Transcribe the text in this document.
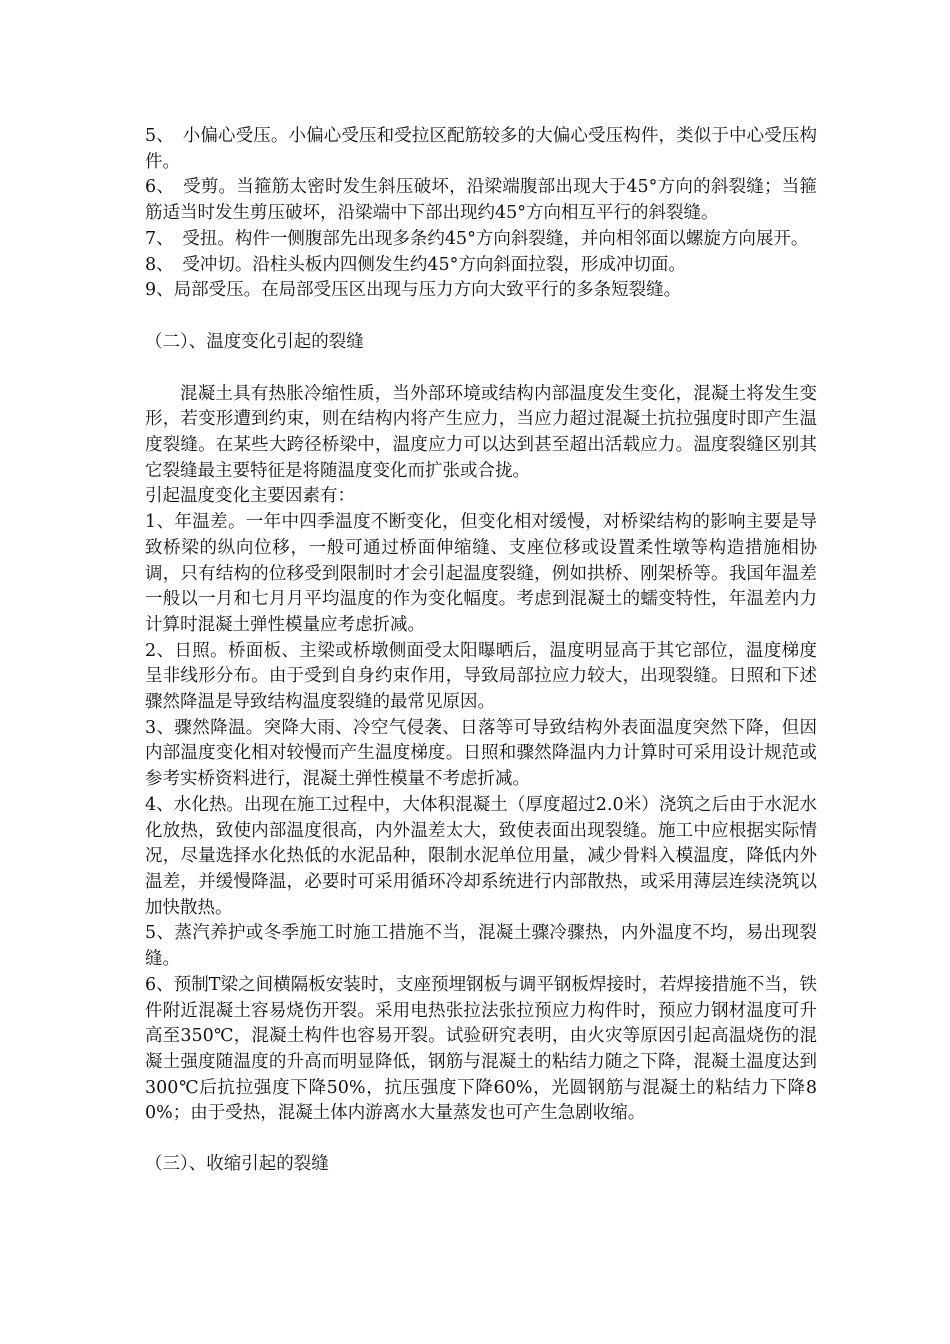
5、　小偏心受压。小偏心受压和受拉区配筋较多的大偏心受压构件，类似于中心受压构件。

6、　受剪。当箍筋太密时发生斜压破坏，沿梁端腹部出现大于45°方向的斜裂缝；当箍筋适当时发生剪压破坏，沿梁端中下部出现约45°方向相互平行的斜裂缝。

7、　受扭。构件一侧腹部先出现多条约45°方向斜裂缝，并向相邻面以螺旋方向展开。

8、　受冲切。沿柱头板内四侧发生约45°方向斜面拉裂，形成冲切面。

9、局部受压。在局部受压区出现与压力方向大致平行的多条短裂缝。

（二）、温度变化引起的裂缝

混凝土具有热胀冷缩性质，当外部环境或结构内部温度发生变化，混凝土将发生变形，若变形遭到约束，则在结构内将产生应力，当应力超过混凝土抗拉强度时即产生温度裂缝。在某些大跨径桥梁中，温度应力可以达到甚至超出活载应力。温度裂缝区别其它裂缝最主要特征是将随温度变化而扩张或合拢。

引起温度变化主要因素有：

1、年温差。一年中四季温度不断变化，但变化相对缓慢，对桥梁结构的影响主要是导致桥梁的纵向位移，一般可通过桥面伸缩缝、支座位移或设置柔性墩等构造措施相协调，只有结构的位移受到限制时才会引起温度裂缝，例如拱桥、刚架桥等。我国年温差一般以一月和七月月平均温度的作为变化幅度。考虑到混凝土的蠕变特性，年温差内力计算时混凝土弹性模量应考虑折减。

2、日照。桥面板、主梁或桥墩侧面受太阳曝晒后，温度明显高于其它部位，温度梯度呈非线形分布。由于受到自身约束作用，导致局部拉应力较大，出现裂缝。日照和下述骤然降温是导致结构温度裂缝的最常见原因。

3、骤然降温。突降大雨、冷空气侵袭、日落等可导致结构外表面温度突然下降，但因内部温度变化相对较慢而产生温度梯度。日照和骤然降温内力计算时可采用设计规范或参考实桥资料进行，混凝土弹性模量不考虑折减。

4、水化热。出现在施工过程中，大体积混凝土（厚度超过2.0米）浇筑之后由于水泥水化放热，致使内部温度很高，内外温差太大，致使表面出现裂缝。施工中应根据实际情况，尽量选择水化热低的水泥品种，限制水泥单位用量，减少骨料入模温度，降低内外温差，并缓慢降温，必要时可采用循环冷却系统进行内部散热，或采用薄层连续浇筑以加快散热。

5、蒸汽养护或冬季施工时施工措施不当，混凝土骤冷骤热，内外温度不均，易出现裂缝。

6、预制T梁之间横隔板安装时，支座预埋钢板与调平钢板焊接时，若焊接措施不当，铁件附近混凝土容易烧伤开裂。采用电热张拉法张拉预应力构件时，预应力钢材温度可升高至350℃，混凝土构件也容易开裂。试验研究表明，由火灾等原因引起高温烧伤的混凝土强度随温度的升高而明显降低，钢筋与混凝土的粘结力随之下降，混凝土温度达到300℃后抗拉强度下降50%，抗压强度下降60%，光圆钢筋与混凝土的粘结力下降80%；由于受热，混凝土体内游离水大量蒸发也可产生急剧收缩。

（三）、收缩引起的裂缝
